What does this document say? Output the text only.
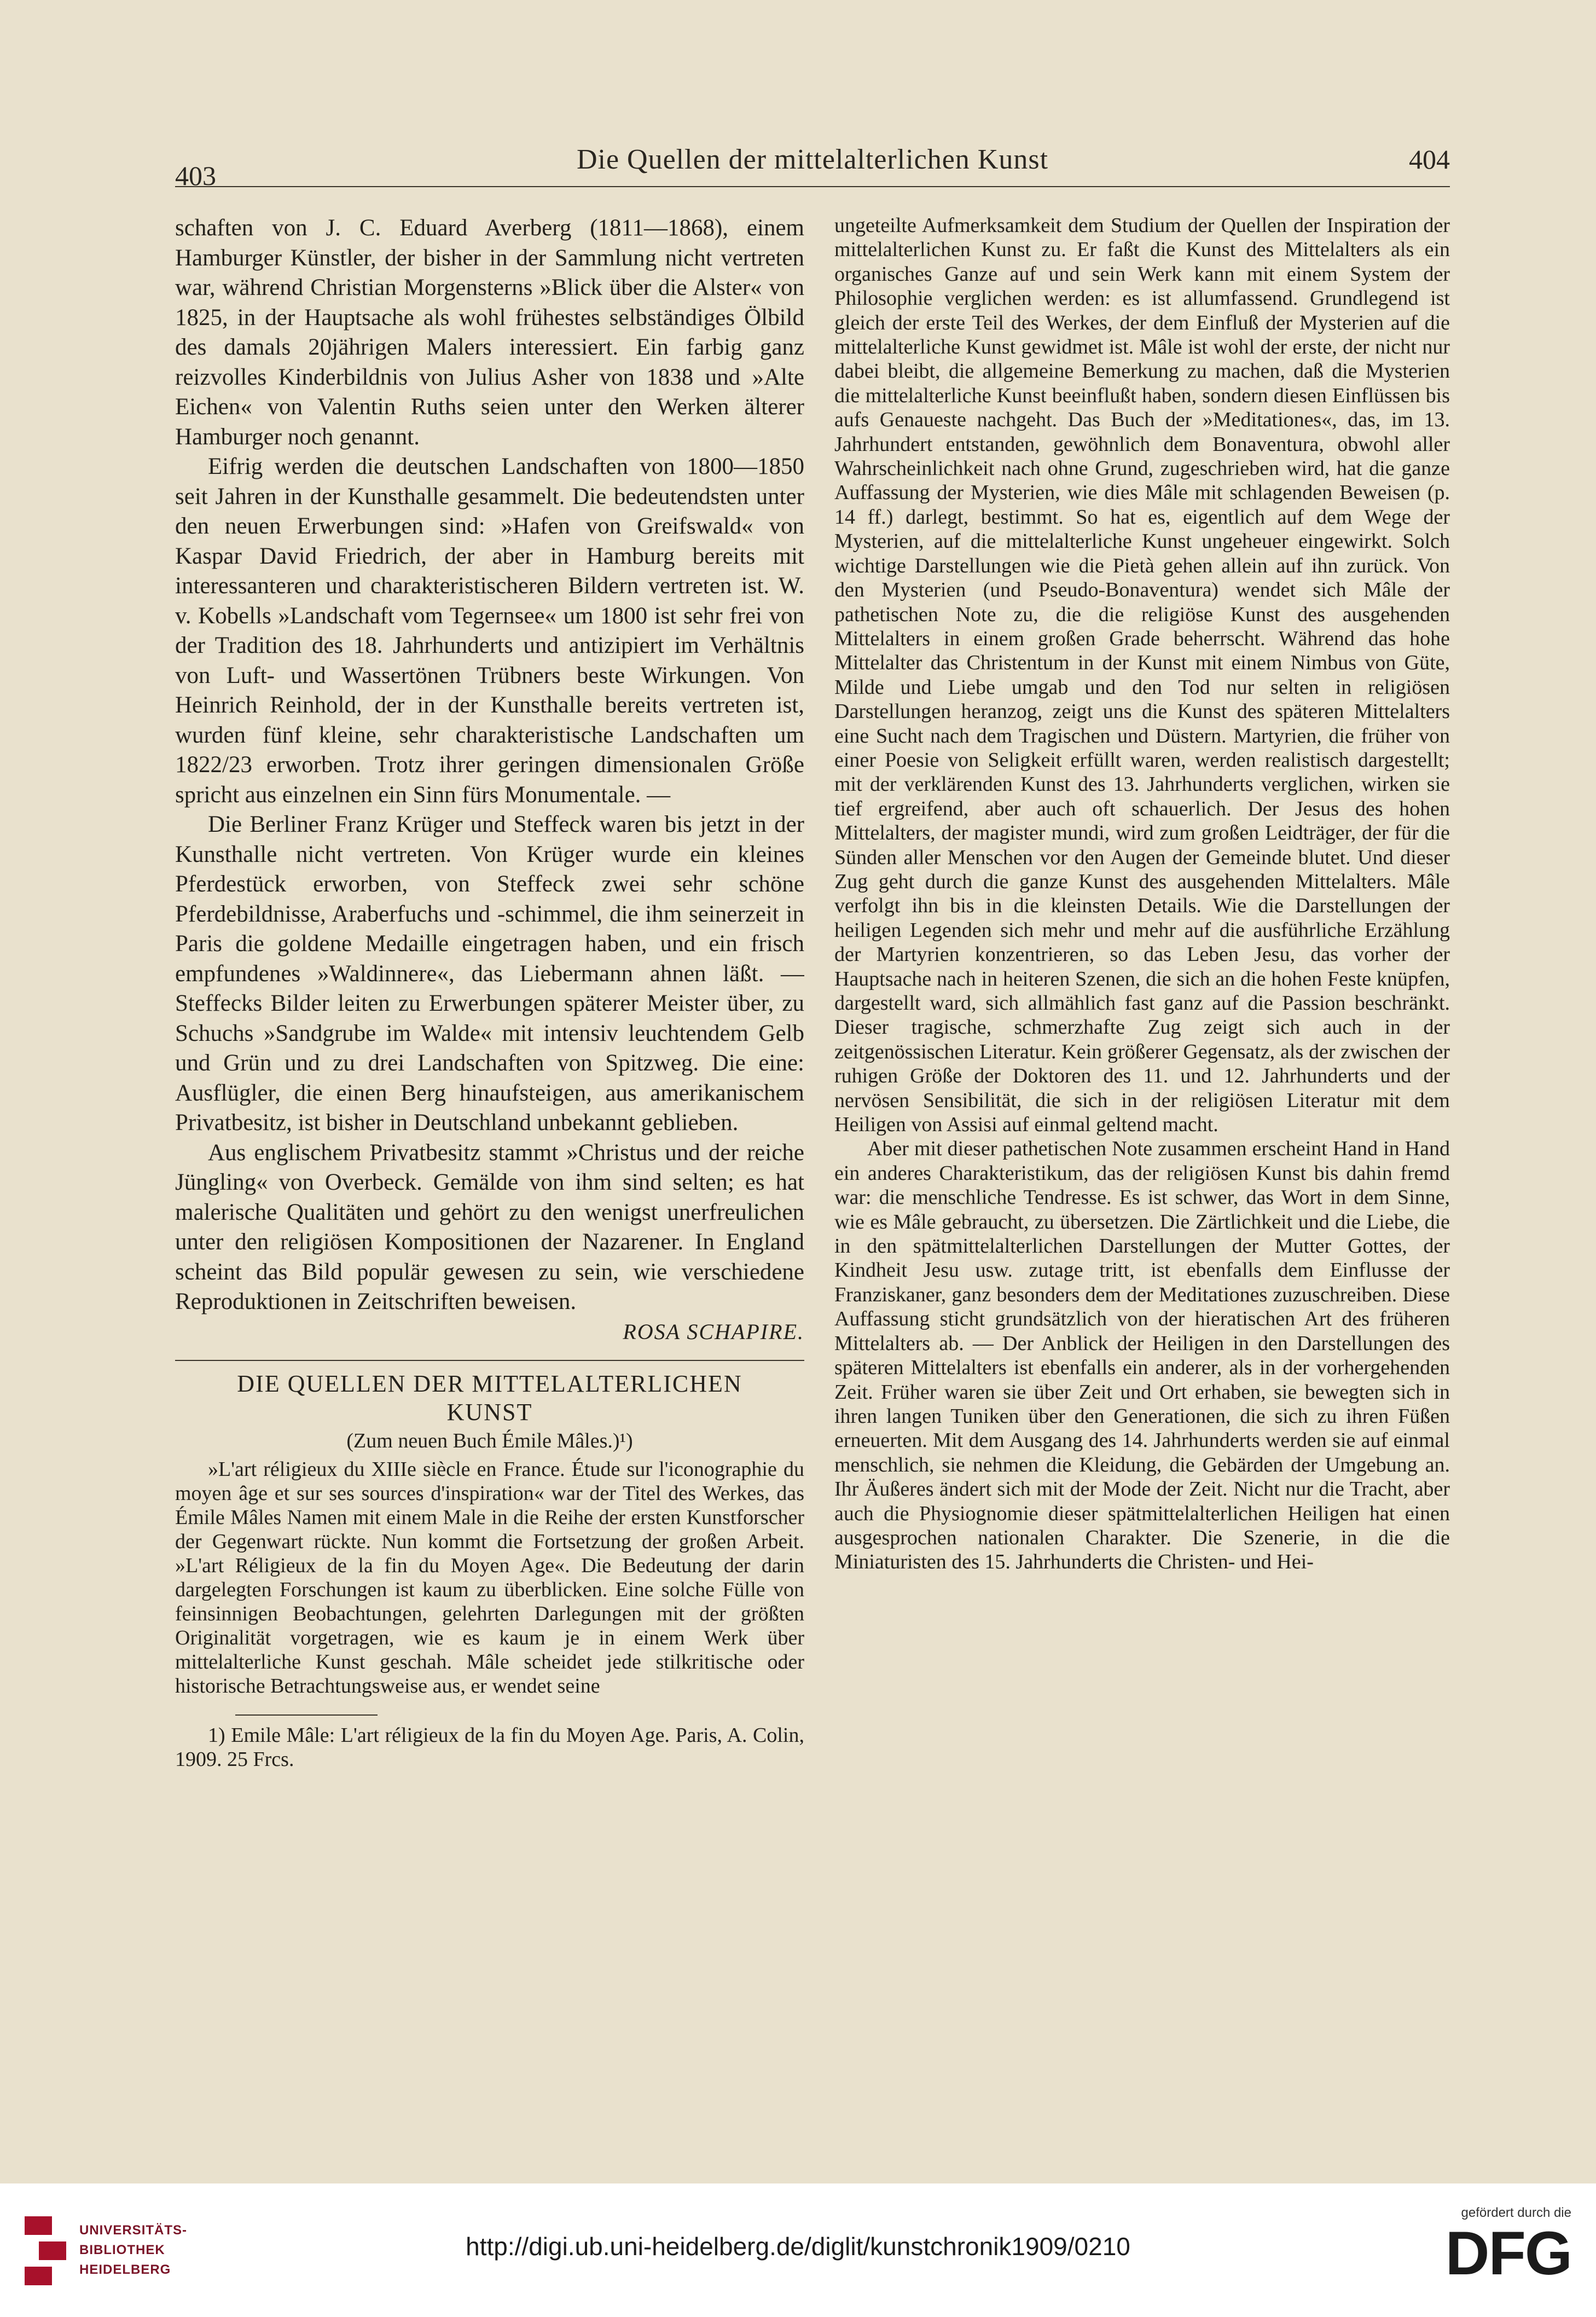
403
Die Quellen der mittelalterlichen Kunst	404

schaften von J. C. Eduard Averberg (1811—1868), einem Hamburger Künstler, der bisher in der Sammlung nicht vertreten war, während Christian Morgensterns »Blick über die Alster« von 1825, in der Hauptsache als wohl frühestes selbständiges Ölbild des damals 20jährigen Malers interessiert. Ein farbig ganz reizvolles Kinderbildnis von Julius Asher von 1838 und »Alte Eichen« von Valentin Ruths seien unter den Werken älterer Hamburger noch genannt.

Eifrig werden die deutschen Landschaften von 1800—1850 seit Jahren in der Kunsthalle gesammelt. Die bedeutendsten unter den neuen Erwerbungen sind: »Hafen von Greifswald« von Kaspar David Friedrich, der aber in Hamburg bereits mit interessanteren und charakteristischeren Bildern vertreten ist. W. v. Kobells »Landschaft vom Tegernsee« um 1800 ist sehr frei von der Tradition des 18. Jahrhunderts und antizipiert im Verhältnis von Luft- und Wassertönen Trübners beste Wirkungen. Von Heinrich Reinhold, der in der Kunsthalle bereits vertreten ist, wurden fünf kleine, sehr charakteristische Landschaften um 1822/23 erworben. Trotz ihrer geringen dimensionalen Größe spricht aus einzelnen ein Sinn fürs Monumentale. —

Die Berliner Franz Krüger und Steffeck waren bis jetzt in der Kunsthalle nicht vertreten. Von Krüger wurde ein kleines Pferdestück erworben, von Steffeck zwei sehr schöne Pferdebildnisse, Araberfuchs und -schimmel, die ihm seinerzeit in Paris die goldene Medaille eingetragen haben, und ein frisch empfundenes »Waldinnere«, das Liebermann ahnen läßt. — Steffecks Bilder leiten zu Erwerbungen späterer Meister über, zu Schuchs »Sandgrube im Walde« mit intensiv leuchtendem Gelb und Grün und zu drei Landschaften von Spitzweg. Die eine: Ausflügler, die einen Berg hinaufsteigen, aus amerikanischem Privatbesitz, ist bisher in Deutschland unbekannt geblieben.

Aus englischem Privatbesitz stammt »Christus und der reiche Jüngling« von Overbeck. Gemälde von ihm sind selten; es hat malerische Qualitäten und gehört zu den wenigst unerfreulichen unter den religiösen Kompositionen der Nazarener. In England scheint das Bild populär gewesen zu sein, wie verschiedene Reproduktionen in Zeitschriften beweisen.

ROSA SCHAPIRE.
DIE QUELLEN DER MITTELALTERLICHEN
KUNST
(Zum neuen Buch Émile Mâles.)¹)

»L'art réligieux du XIIIe siècle en France. Étude sur l'iconographie du moyen âge et sur ses sources d'inspiration« war der Titel des Werkes, das Émile Mâles Namen mit einem Male in die Reihe der ersten Kunstforscher der Gegenwart rückte. Nun kommt die Fortsetzung der großen Arbeit. »L'art Réligieux de la fin du Moyen Age«. Die Bedeutung der darin dargelegten Forschungen ist kaum zu überblicken. Eine solche Fülle von feinsinnigen Beobachtungen, gelehrten Darlegungen mit der größten Originalität vorgetragen, wie es kaum je in einem Werk über mittelalterliche Kunst geschah. Mâle scheidet jede stilkritische oder historische Betrachtungsweise aus, er wendet seine

1) Emile Mâle: L'art réligieux de la fin du Moyen Age. Paris, A. Colin, 1909. 25 Frcs.

ungeteilte Aufmerksamkeit dem Studium der Quellen der Inspiration der mittelalterlichen Kunst zu. Er faßt die Kunst des Mittelalters als ein organisches Ganze auf und sein Werk kann mit einem System der Philosophie verglichen werden: es ist allumfassend. Grundlegend ist gleich der erste Teil des Werkes, der dem Einfluß der Mysterien auf die mittelalterliche Kunst gewidmet ist. Mâle ist wohl der erste, der nicht nur dabei bleibt, die allgemeine Bemerkung zu machen, daß die Mysterien die mittelalterliche Kunst beeinflußt haben, sondern diesen Einflüssen bis aufs Genaueste nachgeht. Das Buch der »Meditationes«, das, im 13. Jahrhundert entstanden, gewöhnlich dem Bonaventura, obwohl aller Wahrscheinlichkeit nach ohne Grund, zugeschrieben wird, hat die ganze Auffassung der Mysterien, wie dies Mâle mit schlagenden Beweisen (p. 14 ff.) darlegt, bestimmt. So hat es, eigentlich auf dem Wege der Mysterien, auf die mittelalterliche Kunst ungeheuer eingewirkt. Solch wichtige Darstellungen wie die Pietà gehen allein auf ihn zurück. Von den Mysterien (und Pseudo-Bonaventura) wendet sich Mâle der pathetischen Note zu, die die religiöse Kunst des ausgehenden Mittelalters in einem großen Grade beherrscht. Während das hohe Mittelalter das Christentum in der Kunst mit einem Nimbus von Güte, Milde und Liebe umgab und den Tod nur selten in religiösen Darstellungen heranzog, zeigt uns die Kunst des späteren Mittelalters eine Sucht nach dem Tragischen und Düstern. Martyrien, die früher von einer Poesie von Seligkeit erfüllt waren, werden realistisch dargestellt; mit der verklärenden Kunst des 13. Jahrhunderts verglichen, wirken sie tief ergreifend, aber auch oft schauerlich. Der Jesus des hohen Mittelalters, der magister mundi, wird zum großen Leidträger, der für die Sünden aller Menschen vor den Augen der Gemeinde blutet. Und dieser Zug geht durch die ganze Kunst des ausgehenden Mittelalters. Mâle verfolgt ihn bis in die kleinsten Details. Wie die Darstellungen der heiligen Legenden sich mehr und mehr auf die ausführliche Erzählung der Martyrien konzentrieren, so das Leben Jesu, das vorher der Hauptsache nach in heiteren Szenen, die sich an die hohen Feste knüpfen, dargestellt ward, sich allmählich fast ganz auf die Passion beschränkt. Dieser tragische, schmerzhafte Zug zeigt sich auch in der zeitgenössischen Literatur. Kein größerer Gegensatz, als der zwischen der ruhigen Größe der Doktoren des 11. und 12. Jahrhunderts und der nervösen Sensibilität, die sich in der religiösen Literatur mit dem Heiligen von Assisi auf einmal geltend macht.

Aber mit dieser pathetischen Note zusammen erscheint Hand in Hand ein anderes Charakteristikum, das der religiösen Kunst bis dahin fremd war: die menschliche Tendresse. Es ist schwer, das Wort in dem Sinne, wie es Mâle gebraucht, zu übersetzen. Die Zärtlichkeit und die Liebe, die in den spätmittelalterlichen Darstellungen der Mutter Gottes, der Kindheit Jesu usw. zutage tritt, ist ebenfalls dem Einflusse der Franziskaner, ganz besonders dem der Meditationes zuzuschreiben. Diese Auffassung sticht grundsätzlich von der hieratischen Art des früheren Mittelalters ab. — Der Anblick der Heiligen in den Darstellungen des späteren Mittelalters ist ebenfalls ein anderer, als in der vorhergehenden Zeit. Früher waren sie über Zeit und Ort erhaben, sie bewegten sich in ihren langen Tuniken über den Generationen, die sich zu ihren Füßen erneuerten. Mit dem Ausgang des 14. Jahrhunderts werden sie auf einmal menschlich, sie nehmen die Kleidung, die Gebärden der Umgebung an. Ihr Äußeres ändert sich mit der Mode der Zeit. Nicht nur die Tracht, aber auch die Physiognomie dieser spätmittelalterlichen Heiligen hat einen ausgesprochen nationalen Charakter. Die Szenerie, in die die Miniaturisten des 15. Jahrhunderts die Christen- und Hei-

UNIVERSITÄTS-
BIBLIOTHEK
HEIDELBERG
http://digi.ub.uni-heidelberg.de/diglit/kunstchronik1909/0210
gefördert durch die
DFG
